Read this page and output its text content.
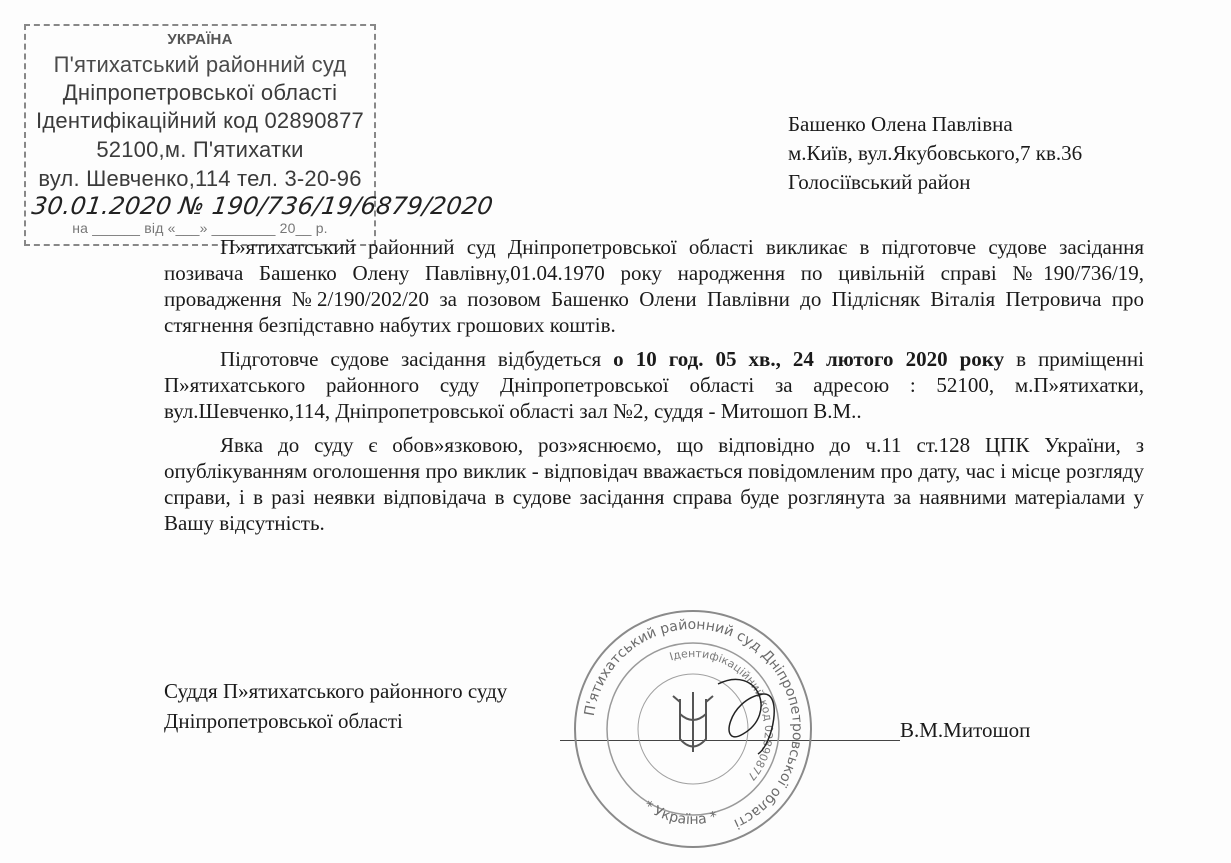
УКРАЇНА
П'ятихатський районний суд
Дніпропетровської області
Ідентифікаційний код 02890877
52100,м. П'ятихатки
вул. Шевченко,114 тел. 3-20-96
30.01.2020 № 190/736/19/6879/2020
на ______ від «___» ________ 20__ р.
Башенко Олена Павлівна
м.Київ, вул.Якубовського,7 кв.36
Голосіївський район

П»ятихатський районний суд Дніпропетровської області викликає в підготовче судове засідання позивача Башенко Олену Павлівну,01.04.1970 року народження по цивільній справі №190/736/19, провадження №2/190/202/20 за позовом Башенко Олени Павлівни до Підлісняк Віталія Петровича про стягнення безпідставно набутих грошових коштів.

Підготовче судове засідання відбудеться о 10 год. 05 хв., 24 лютого 2020 року в приміщенні П»ятихатського районного суду Дніпропетровської області за адресою : 52100, м.П»ятихатки, вул.Шевченко,114, Дніпропетровської області зал №2, суддя - Митошоп В.М..

Явка до суду є обов»язковою, роз»яснюємо, що відповідно до ч.11 ст.128 ЦПК України, з опублікуванням оголошення про виклик - відповідач вважається повідомленим про дату, час і місце розгляду справи, і в разі неявки відповідача в судове засідання справа буде розглянута за наявними матеріалами у Вашу відсутність.

Суддя П»ятихатського районного суду
Дніпропетровської області	В.М.Митошоп
П'ятихатський районний суд Дніпропетровської області
Ідентифікаційний код 02890877
* Україна *
